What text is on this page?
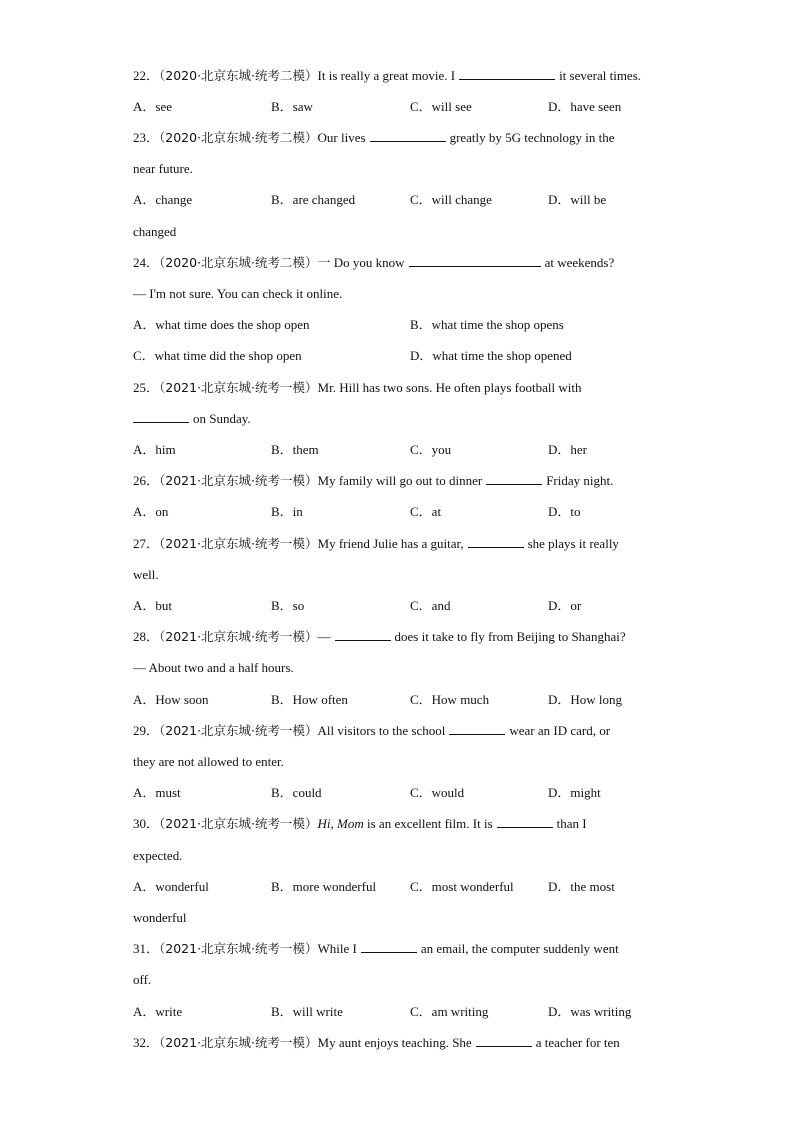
22．（2020·北京东城·统考二模）It is really a great movie. I	it several times.
A．see	B．saw	C．will see	D．have seen
23．（2020·北京东城·统考二模）Our lives	greatly by 5G technology in the
near future.
A．change	B．are changed	C．will change	D．will be
changed
24．（2020·北京东城·统考二模）一 Do you know	at weekends?
— I'm not sure. You can check it online.
A．what time does the shop open	B．what time the shop opens
C．what time did the shop open	D．what time the shop opened
25．（2021·北京东城·统考一模）Mr. Hill has two sons. He often plays football with
on Sunday.
A．him	B．them	C．you	D．her
26．（2021·北京东城·统考一模）My family will go out to dinner	Friday night.
A．on	B．in	C．at	D．to
27．（2021·北京东城·统考一模）My friend Julie has a guitar,	she plays it really
well.
A．but	B．so	C．and	D．or
28．（2021·北京东城·统考一模）—	does it take to fly from Beijing to Shanghai?
— About two and a half hours.
A．How soon	B．How often	C．How much	D．How long
29．（2021·北京东城·统考一模）All visitors to the school	wear an ID card, or
they are not allowed to enter.
A．must	B．could	C．would	D．might
30．（2021·北京东城·统考一模）Hi, Mom is an excellent film. It is	than I
expected.
A．wonderful	B．more wonderful	C．most wonderful	D．the most
wonderful
31．（2021·北京东城·统考一模）While I	an email, the computer suddenly went
off.
A．write	B．will write	C．am writing	D．was writing
32．（2021·北京东城·统考一模）My aunt enjoys teaching. She	a teacher for ten
